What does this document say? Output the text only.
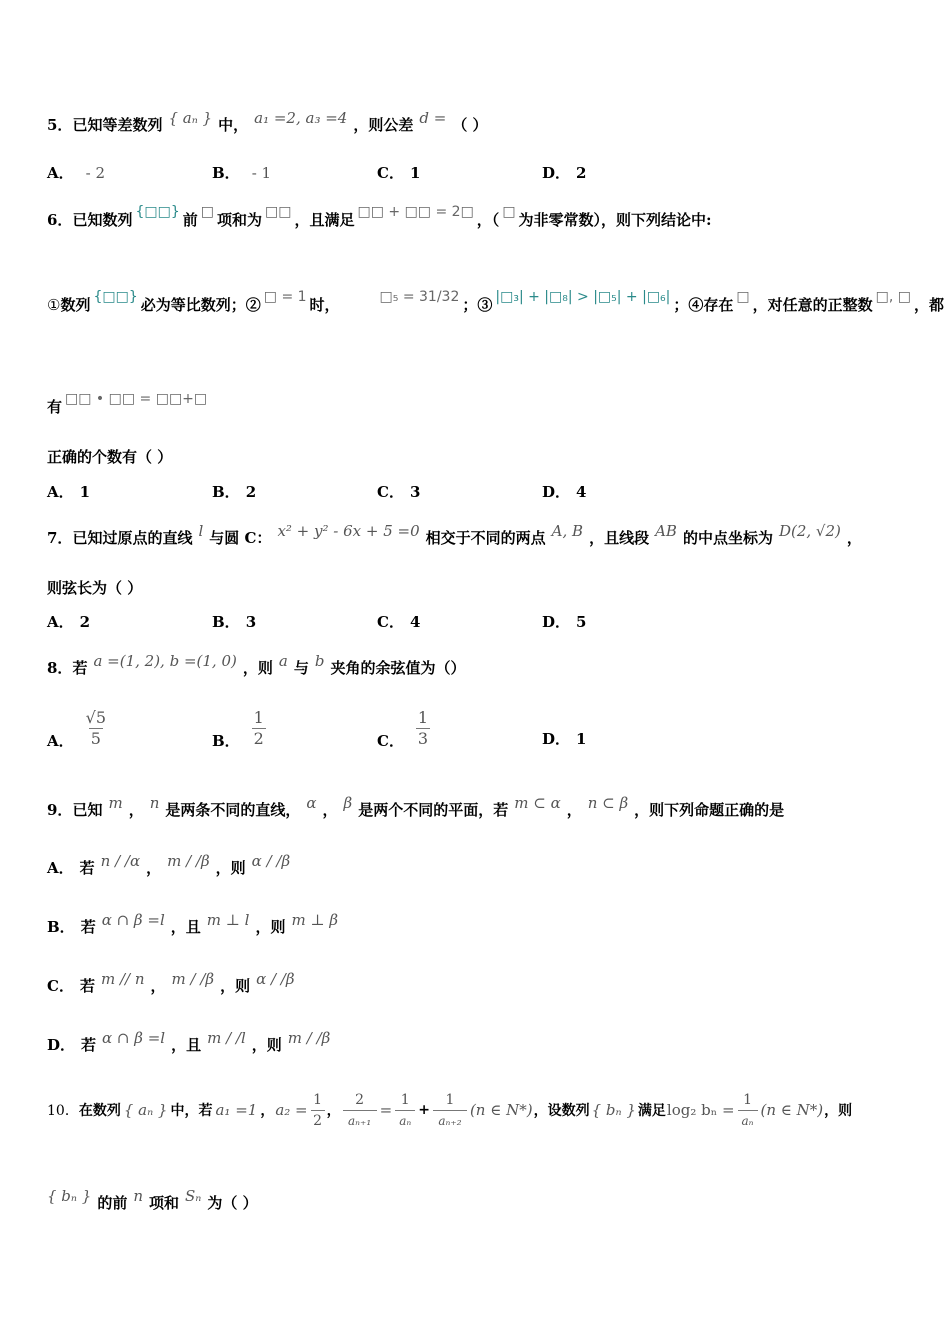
5． 已知等差数列 { aₙ } 中， a₁ =2, a₃ =4 ，则公差 d = （ ）
A． - 2	B． - 1	C． 1	D． 2
6． 已知数列 {□□} 前 □ 项和为 □□ ，且满足 □□ + □□ = 2□ ，（ □ 为非零常数），则下列结论中:
① 数列 {□□} 必为等比数列；② □ = 1 时，	□₅ = 31/32 ；③ |□₃| + |□₈| > |□₅| + |□₆| ；④存在 □ ，对任意的正整数 □, □ ，都
有 □□ • □□ = □□+□
正确的个数有（ ）
A． 1	B． 2	C． 3	D． 4
7． 已知过原点的直线 l 与圆 C： x² + y² - 6x + 5 =0 相交于不同的两点 A, B ，且线段 AB 的中点坐标为 D(2, √2) ，
则弦长为（ ）
A． 2	B． 3	C． 4	D． 5
8． 若 a =(1, 2), b =(1, 0) ，则 a 与 b 夹角的余弦值为（）
A． $\frac{√5}{5}$	B． $\frac{1}{2}$	C． $\frac{1}{3}$	D． 1
9． 已知 m ， n 是两条不同的直线， α ， β 是两个不同的平面，若 m ⊂ α ， n ⊂ β ，则下列命题正确的是
A． 若 n / /α ， m / /β ，则 α / /β
B． 若 α ∩ β =l ，且 m ⊥ l ，则 m ⊥ β
C． 若 m // n ， m / /β ，则 α / /β
D． 若 α ∩ β =l ，且 m / /l ，则 m / /β
10． 在数列 { aₙ } 中，若 a₁ =1 ， $a_2 = \frac{1}{2}$ ， $\frac{2}{\text{aₙ₊₁}} = \frac{1}{\text{aₙ}} + \frac{1}{\text{aₙ₊₂}} (n$ ∈ N*) ，设数列 { bₙ } 满足 log₂ $b_n = \frac{1}{\text{aₙ}} (n$ ∈ N*) ，则
{ bₙ } 的前 n 项和 Sₙ 为（ ）
